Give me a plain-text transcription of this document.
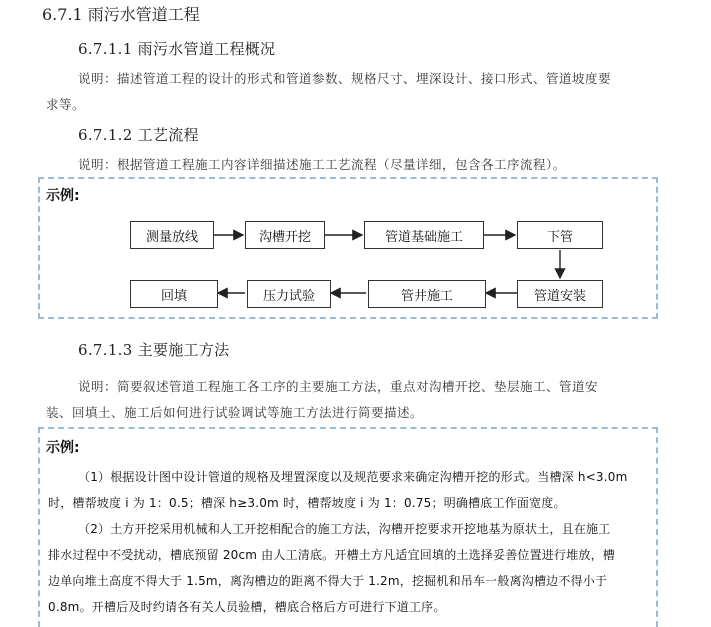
6.7.1 雨污水管道工程
6.7.1.1 雨污水管道工程概况
说明：描述管道工程的设计的形式和管道参数、规格尺寸、埋深设计、接口形式、管道坡度要
求等。
6.7.1.2 工艺流程
说明：根据管道工程施工内容详细描述施工工艺流程（尽量详细，包含各工序流程）。
示例:
测量放线	沟槽开挖	管道基础施工	下管
管道安装
管井施工
压力试验
回填
6.7.1.3 主要施工方法
说明：简要叙述管道工程施工各工序的主要施工方法，重点对沟槽开挖、垫层施工、管道安
装、回填土、施工后如何进行试验调试等施工方法进行简要描述。
示例:
（1）根据设计图中设计管道的规格及埋置深度以及规范要求来确定沟槽开挖的形式。当槽深 h<3.0m
时，槽帮坡度 i 为 1：0.5；槽深 h≥3.0m 时，槽帮坡度 i 为 1：0.75；明确槽底工作面宽度。
（2）土方开挖采用机械和人工开挖相配合的施工方法，沟槽开挖要求开挖地基为原状土，且在施工
排水过程中不受扰动，槽底预留 20cm 由人工清底。开槽土方凡适宜回填的土选择妥善位置进行堆放，槽
边单向堆土高度不得大于 1.5m，离沟槽边的距离不得大于 1.2m，挖掘机和吊车一般离沟槽边不得小于
0.8m。开槽后及时约请各有关人员验槽，槽底合格后方可进行下道工序。
